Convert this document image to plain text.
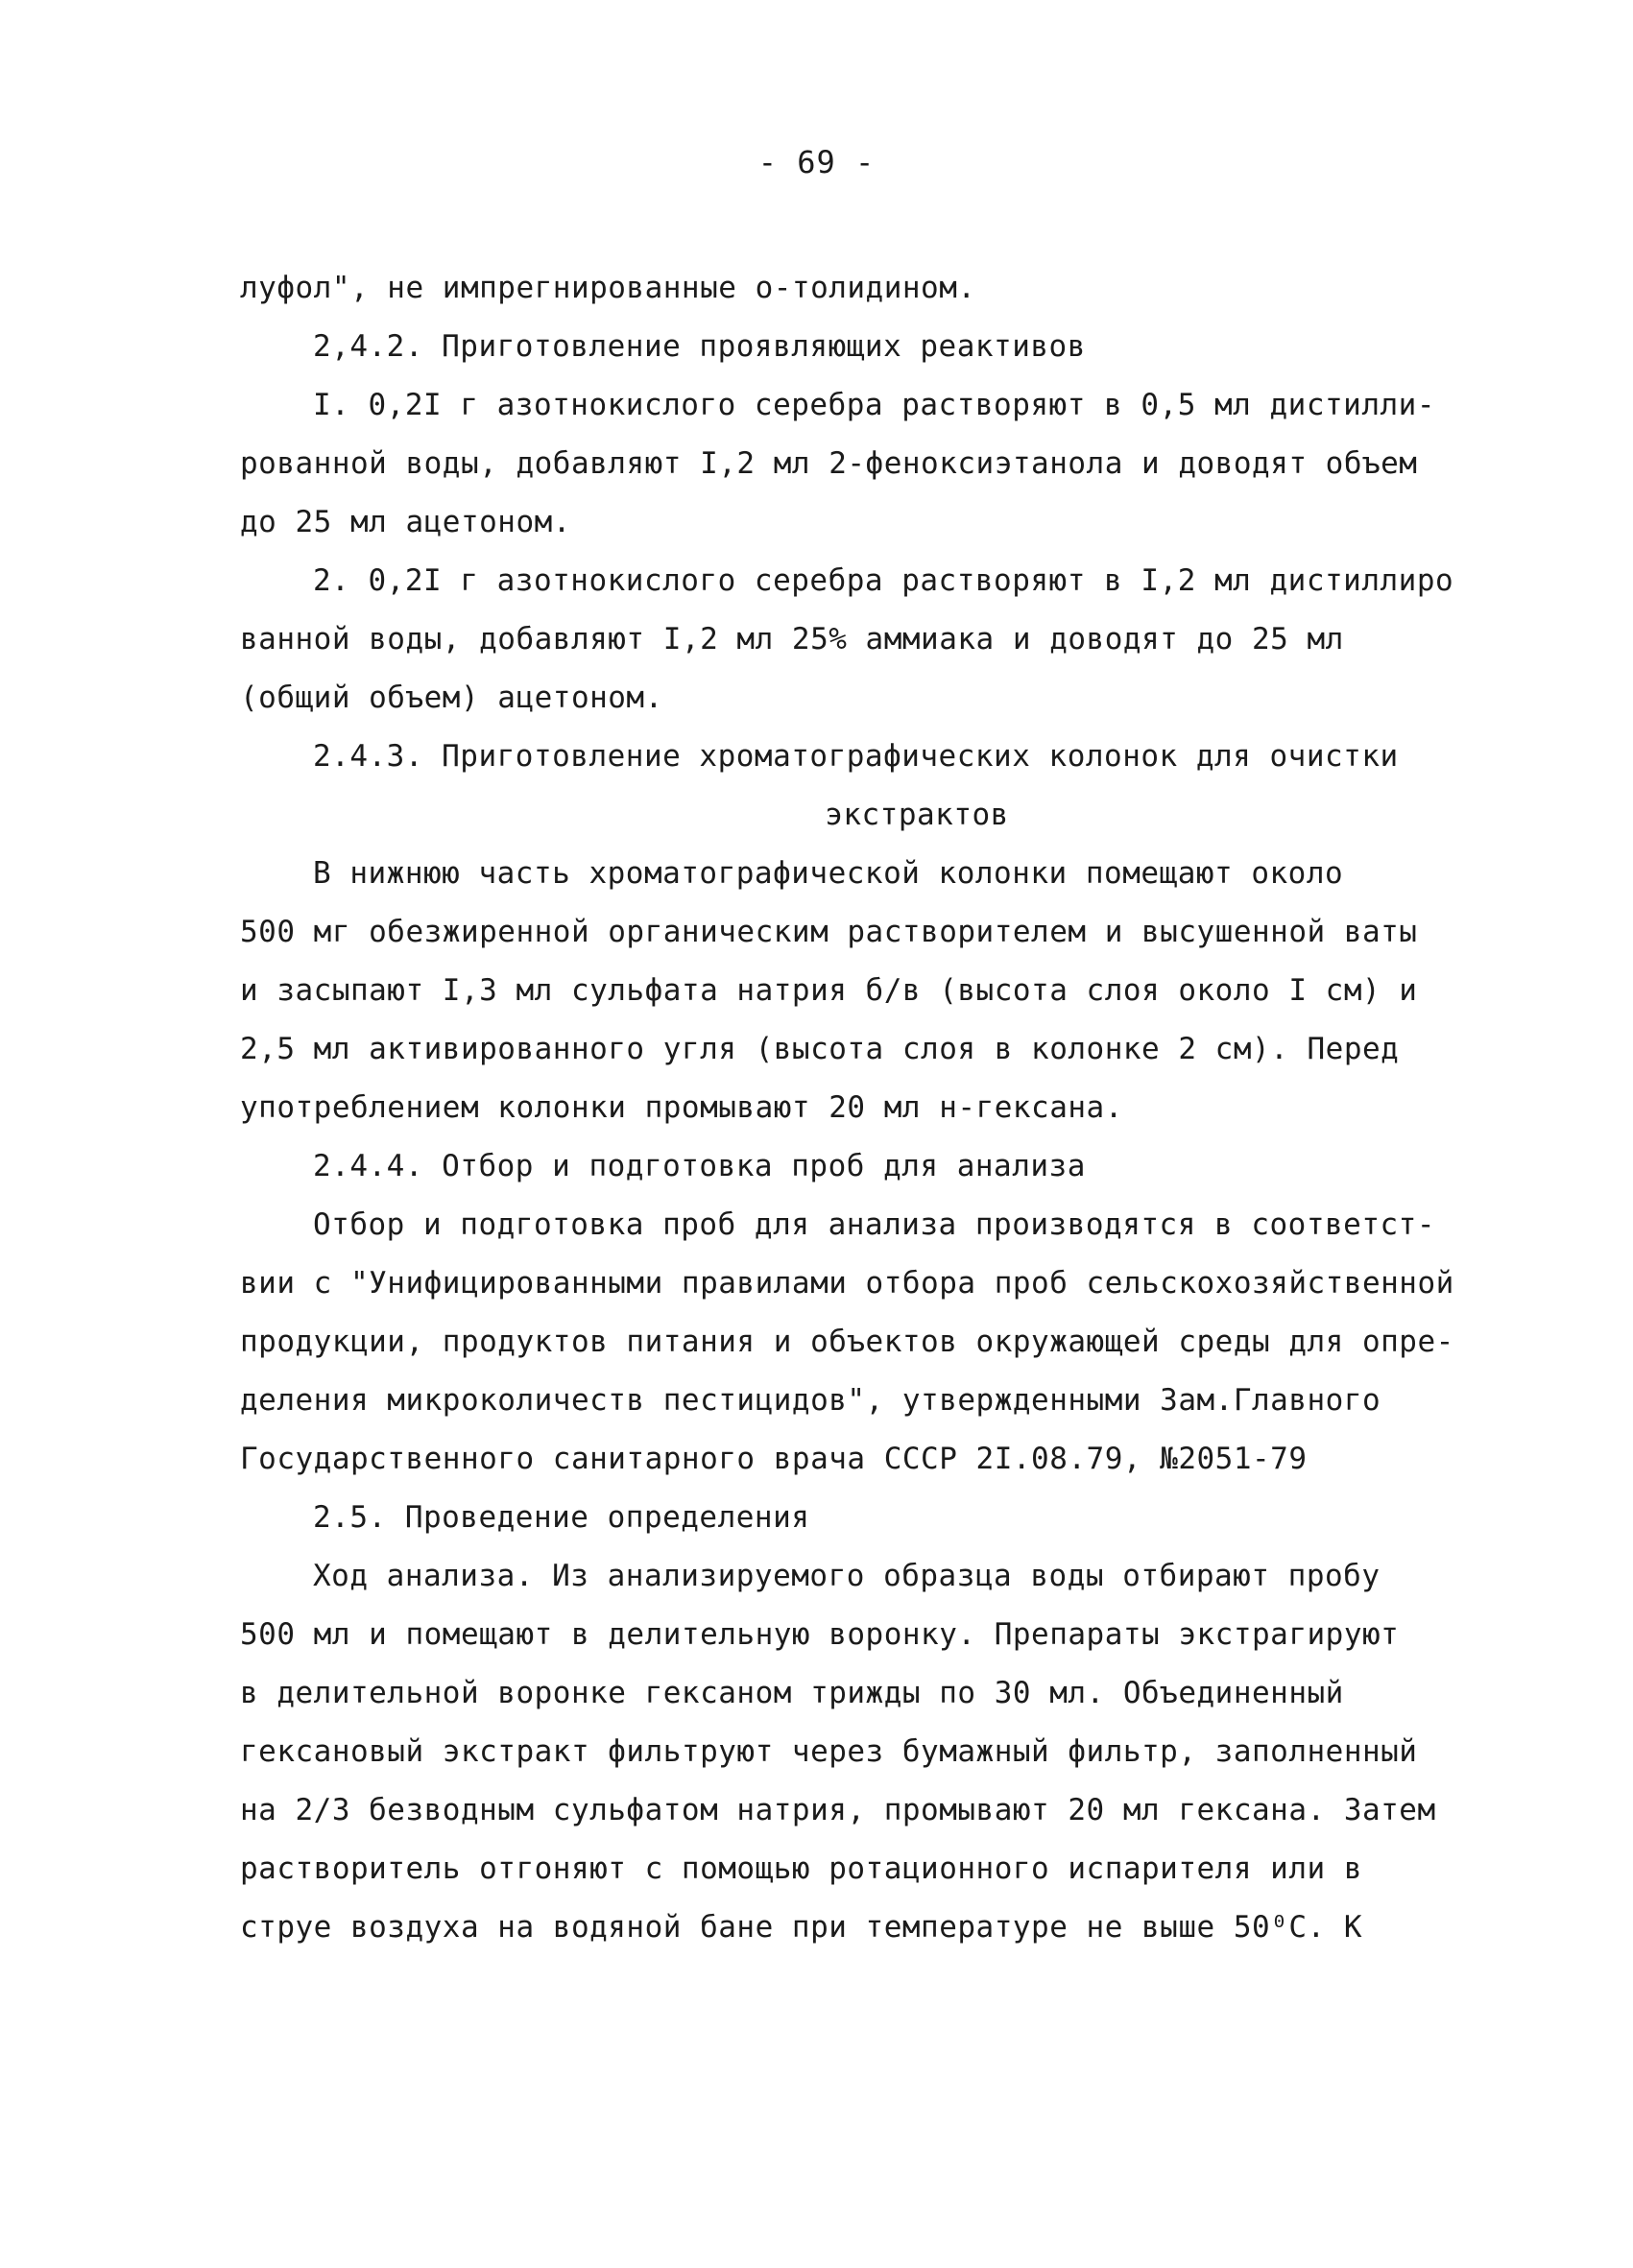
- 69 -
луфол", не импрегнированные о-толидином.
2,4.2. Приготовление проявляющих реактивов
I. 0,2I г азотнокислого серебра растворяют в 0,5 мл дистилли-
рованной воды, добавляют I,2 мл 2-феноксиэтанола и доводят объем
до 25 мл ацетоном.
2. 0,2I г азотнокислого серебра растворяют в I,2 мл дистиллиро
ванной воды, добавляют I,2 мл 25% аммиака и доводят до 25 мл
(общий объем) ацетоном.
2.4.3. Приготовление хроматографических колонок для очистки
экстрактов
В нижнюю часть хроматографической колонки помещают около
500 мг обезжиренной органическим растворителем и высушенной ваты
и засыпают I,3 мл сульфата натрия б/в (высота слоя около I см) и
2,5 мл активированного угля (высота слоя в колонке 2 см). Перед
употреблением колонки промывают 20 мл н-гексана.
2.4.4. Отбор и подготовка проб для анализа
Отбор и подготовка проб для анализа производятся в соответст-
вии с "Унифицированными правилами отбора проб сельскохозяйственной
продукции, продуктов питания и объектов окружающей среды для опре-
деления микроколичеств пестицидов", утвержденными Зам.Главного
Государственного санитарного врача СССР 2I.08.79, №2051-79
2.5. Проведение определения
Ход анализа. Из анализируемого образца воды отбирают пробу
500 мл и помещают в делительную воронку. Препараты экстрагируют
в делительной воронке гексаном трижды по 30 мл. Объединенный
гексановый экстракт фильтруют через бумажный фильтр, заполненный
на 2/3 безводным сульфатом натрия, промывают 20 мл гексана. Затем
растворитель отгоняют с помощью ротационного испарителя или в
струе воздуха на водяной бане при температуре не выше 50⁰С. К
